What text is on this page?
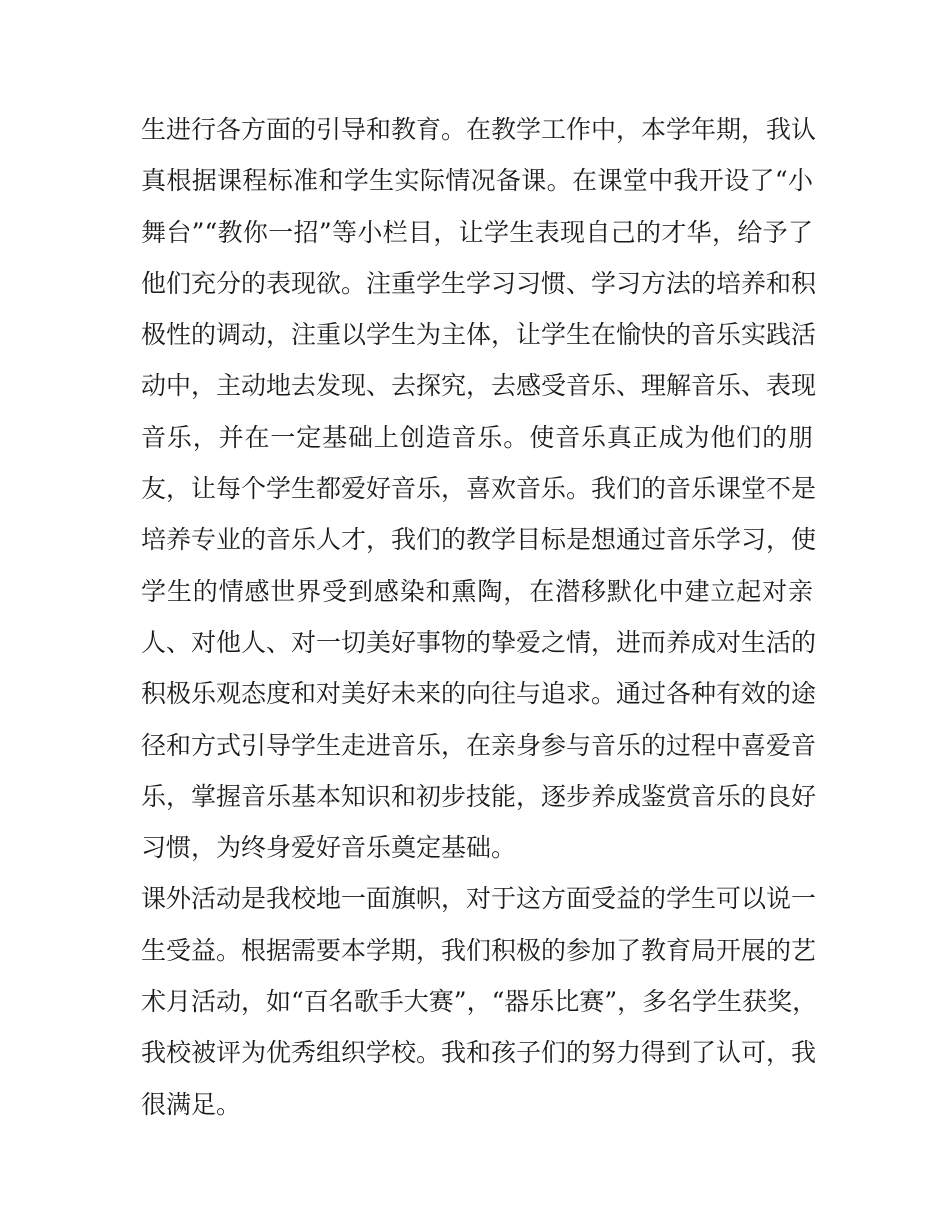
生进行各方面的引导和教育。在教学工作中，本学年期，我认
真根据课程标准和学生实际情况备课。在课堂中我开设了“小
舞台”“教你一招”等小栏目，让学生表现自己的才华，给予了
他们充分的表现欲。注重学生学习习惯、学习方法的培养和积
极性的调动，注重以学生为主体，让学生在愉快的音乐实践活
动中，主动地去发现、去探究，去感受音乐、理解音乐、表现
音乐，并在一定基础上创造音乐。使音乐真正成为他们的朋
友，让每个学生都爱好音乐，喜欢音乐。我们的音乐课堂不是
培养专业的音乐人才，我们的教学目标是想通过音乐学习，使
学生的情感世界受到感染和熏陶，在潜移默化中建立起对亲
人、对他人、对一切美好事物的挚爱之情，进而养成对生活的
积极乐观态度和对美好未来的向往与追求。通过各种有效的途
径和方式引导学生走进音乐，在亲身参与音乐的过程中喜爱音
乐，掌握音乐基本知识和初步技能，逐步养成鉴赏音乐的良好
习惯，为终身爱好音乐奠定基础。
课外活动是我校地一面旗帜，对于这方面受益的学生可以说一
生受益。根据需要本学期，我们积极的参加了教育局开展的艺
术月活动，如“百名歌手大赛”，“器乐比赛”，多名学生获奖，
我校被评为优秀组织学校。我和孩子们的努力得到了认可，我
很满足。
